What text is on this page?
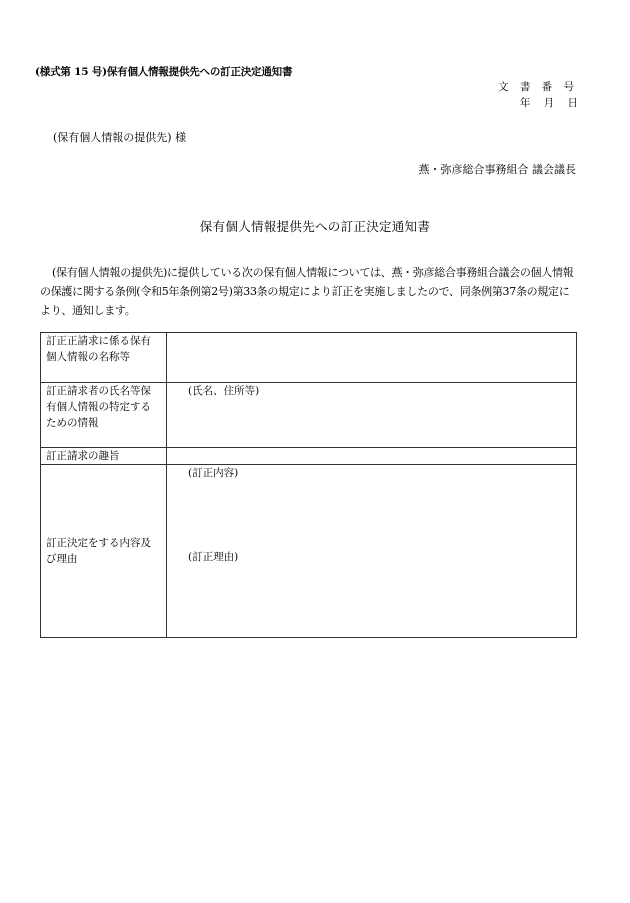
(様式第 15 号)保有個人情報提供先への訂正決定通知書
文 書 番 号
年 月 日
(保有個人情報の提供先) 様
燕・弥彦総合事務組合 議会議長
保有個人情報提供先への訂正決定通知書
(保有個人情報の提供先)に提供している次の保有個人情報については、燕・弥彦総合事務組合議会の個人情報の保護に関する条例(令和5年条例第2号)第33条の規定により訂正を実施しましたので、同条例第37条の規定により、通知します。
訂正正請求に係る保有個人情報の名称等	
訂正請求者の氏名等保有個人情報の特定するための情報	(氏名、住所等)

訂正請求の趣旨	
訂正決定をする内容及び理由	(訂正内容)
(訂正理由)
